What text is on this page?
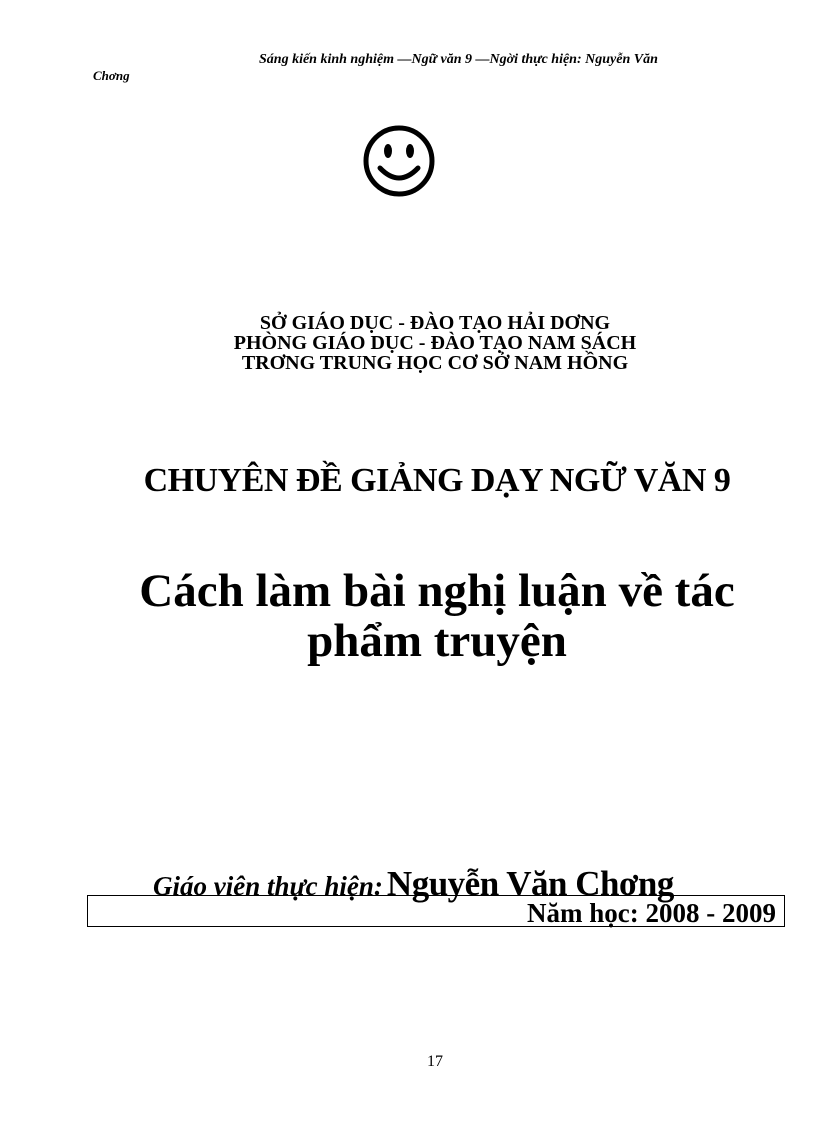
Sáng kiến kinh nghiệm —Ngữ văn 9 —Ngời thực hiện: Nguyễn Văn
Chơng
SỞ GIÁO DỤC - ĐÀO TẠO HẢI DƠNG
PHÒNG GIÁO DỤC - ĐÀO TẠO NAM SÁCH
TRƠNG TRUNG HỌC CƠ SỞ NAM HỒNG
CHUYÊN ĐỀ GIẢNG DẠY NGỮ VĂN 9
Cách làm bài nghị luận về tác
phẩm truyện
Giáo viên thực hiện: Nguyễn Văn Chơng
Năm học: 2008 - 2009
17
